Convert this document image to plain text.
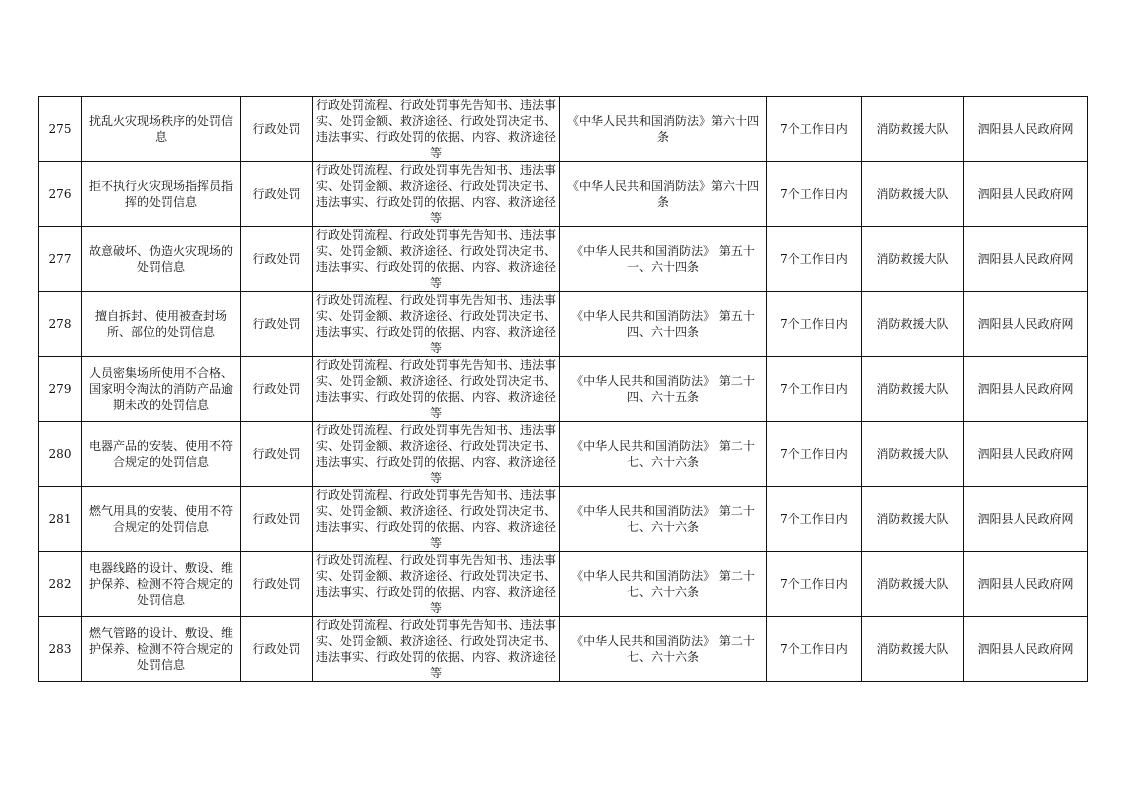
275	扰乱火灾现场秩序的处罚信息	行政处罚	行政处罚流程、行政处罚事先告知书、违法事实、处罚金额、救济途径、行政处罚决定书、违法事实、行政处罚的依据、内容、救济途径等	《中华人民共和国消防法》第六十四条	7个工作日内	消防救援大队	泗阳县人民政府网
276	拒不执行火灾现场指挥员指挥的处罚信息	行政处罚	行政处罚流程、行政处罚事先告知书、违法事实、处罚金额、救济途径、行政处罚决定书、违法事实、行政处罚的依据、内容、救济途径等	《中华人民共和国消防法》第六十四条	7个工作日内	消防救援大队	泗阳县人民政府网
277	故意破坏、伪造火灾现场的处罚信息	行政处罚	行政处罚流程、行政处罚事先告知书、违法事实、处罚金额、救济途径、行政处罚决定书、违法事实、行政处罚的依据、内容、救济途径等	《中华人民共和国消防法》 第五十一、六十四条	7个工作日内	消防救援大队	泗阳县人民政府网
278	擅自拆封、使用被查封场所、部位的处罚信息	行政处罚	行政处罚流程、行政处罚事先告知书、违法事实、处罚金额、救济途径、行政处罚决定书、违法事实、行政处罚的依据、内容、救济途径等	《中华人民共和国消防法》 第五十四、六十四条	7个工作日内	消防救援大队	泗阳县人民政府网
279	人员密集场所使用不合格、国家明令淘汰的消防产品逾期未改的处罚信息	行政处罚	行政处罚流程、行政处罚事先告知书、违法事实、处罚金额、救济途径、行政处罚决定书、违法事实、行政处罚的依据、内容、救济途径等	《中华人民共和国消防法》 第二十四、六十五条	7个工作日内	消防救援大队	泗阳县人民政府网
280	电器产品的安装、使用不符合规定的处罚信息	行政处罚	行政处罚流程、行政处罚事先告知书、违法事实、处罚金额、救济途径、行政处罚决定书、违法事实、行政处罚的依据、内容、救济途径等	《中华人民共和国消防法》 第二十七、六十六条	7个工作日内	消防救援大队	泗阳县人民政府网
281	燃气用具的安装、使用不符合规定的处罚信息	行政处罚	行政处罚流程、行政处罚事先告知书、违法事实、处罚金额、救济途径、行政处罚决定书、违法事实、行政处罚的依据、内容、救济途径等	《中华人民共和国消防法》 第二十七、六十六条	7个工作日内	消防救援大队	泗阳县人民政府网
282	电器线路的设计、敷设、维护保养、检测不符合规定的处罚信息	行政处罚	行政处罚流程、行政处罚事先告知书、违法事实、处罚金额、救济途径、行政处罚决定书、违法事实、行政处罚的依据、内容、救济途径等	《中华人民共和国消防法》 第二十七、六十六条	7个工作日内	消防救援大队	泗阳县人民政府网
283	燃气管路的设计、敷设、维护保养、检测不符合规定的处罚信息	行政处罚	行政处罚流程、行政处罚事先告知书、违法事实、处罚金额、救济途径、行政处罚决定书、违法事实、行政处罚的依据、内容、救济途径等	《中华人民共和国消防法》 第二十七、六十六条	7个工作日内	消防救援大队	泗阳县人民政府网
